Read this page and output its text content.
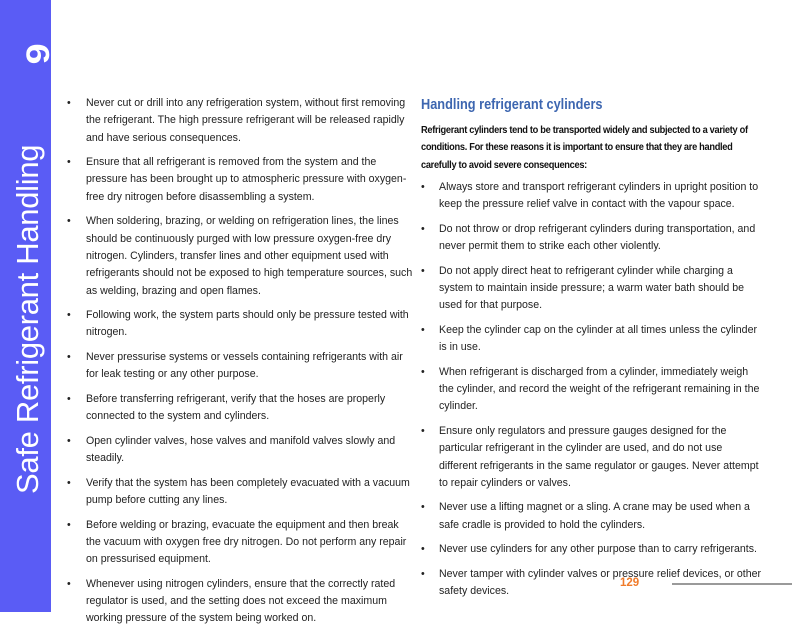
6
Safe Refrigerant Handling
• Never cut or drill into any refrigeration system, without first removing the refrigerant. The high pressure refrigerant will be released rapidly and have serious consequences.
• Ensure that all refrigerant is removed from the system and the pressure has been brought up to atmospheric pressure with oxygen-free dry nitrogen before disassembling a system.
• When soldering, brazing, or welding on refrigeration lines, the lines should be continuously purged with low pressure oxygen-free dry nitrogen. Cylinders, transfer lines and other equipment used with refrigerants should not be exposed to high temperature sources, such as welding, brazing and open flames.
• Following work, the system parts should only be pressure tested with nitrogen.
• Never pressurise systems or vessels containing refrigerants with air for leak testing or any other purpose.
• Before transferring refrigerant, verify that the hoses are properly connected to the system and cylinders.
• Open cylinder valves, hose valves and manifold valves slowly and steadily.
• Verify that the system has been completely evacuated with a vacuum pump before cutting any lines.
• Before welding or brazing, evacuate the equipment and then break the vacuum with oxygen free dry nitrogen. Do not perform any repair on pressurised equipment.
• Whenever using nitrogen cylinders, ensure that the correctly rated regulator is used, and the setting does not exceed the maximum working pressure of the system being worked on.
Handling refrigerant cylinders
Refrigerant cylinders tend to be transported widely and subjected to a variety of conditions. For these reasons it is important to ensure that they are handled carefully to avoid severe consequences:
• Always store and transport refrigerant cylinders in upright position to keep the pressure relief valve in contact with the vapour space.
• Do not throw or drop refrigerant cylinders during transportation, and never permit them to strike each other violently.
• Do not apply direct heat to refrigerant cylinder while charging a system to maintain inside pressure; a warm water bath should be used for that purpose.
• Keep the cylinder cap on the cylinder at all times unless the cylinder is in use.
• When refrigerant is discharged from a cylinder, immediately weigh the cylinder, and record the weight of the refrigerant remaining in the cylinder.
• Ensure only regulators and pressure gauges designed for the particular refrigerant in the cylinder are used, and do not use different refrigerants in the same regulator or gauges. Never attempt to repair cylinders or valves.
• Never use a lifting magnet or a sling. A crane may be used when a safe cradle is provided to hold the cylinders.
• Never use cylinders for any other purpose than to carry refrigerants.
• Never tamper with cylinder valves or pressure relief devices, or other safety devices.
129
